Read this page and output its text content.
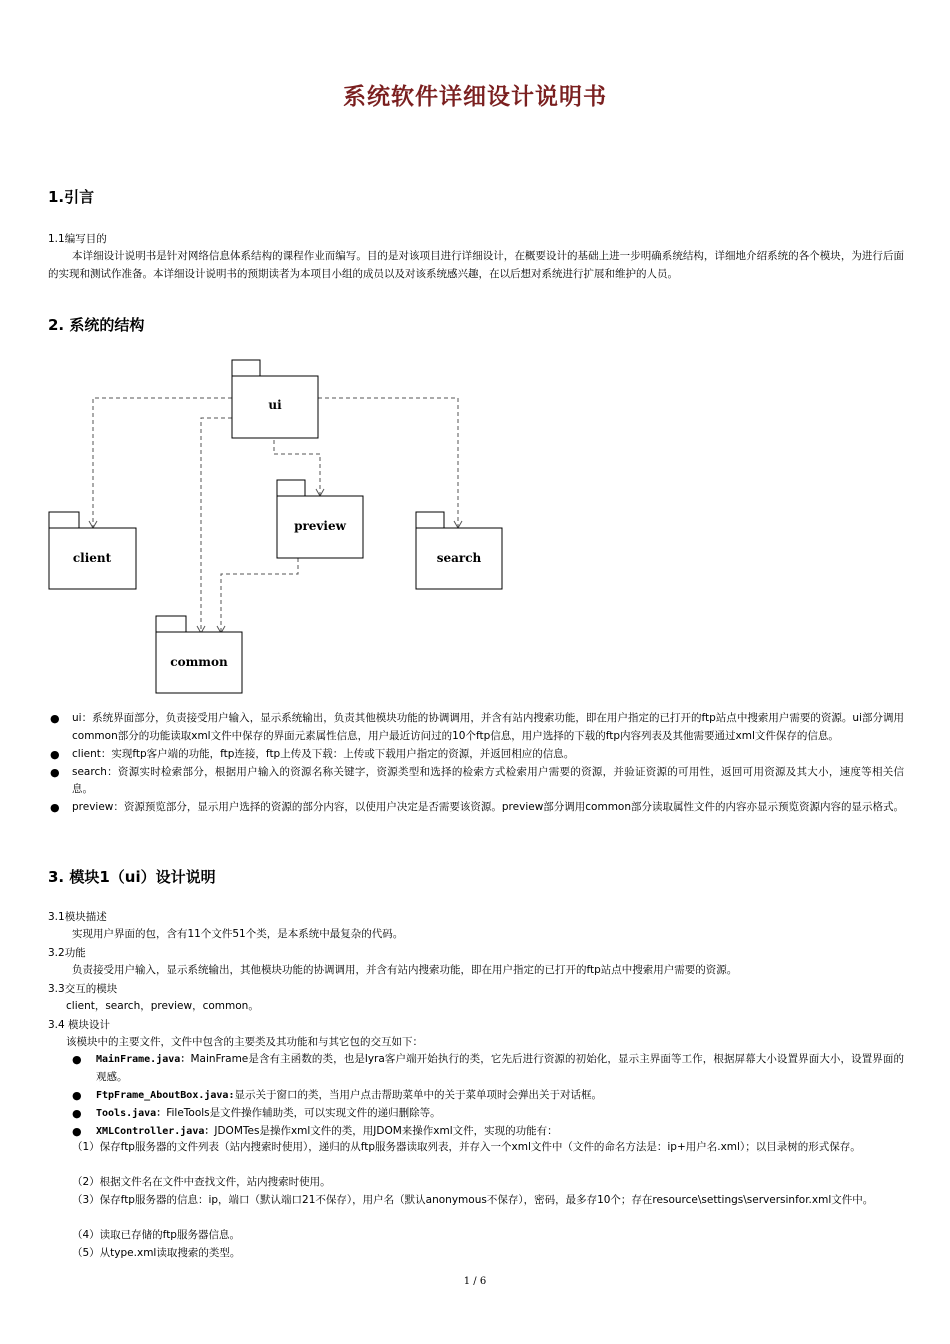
系统软件详细设计说明书
1.引言
1.1编写目的
本详细设计说明书是针对网络信息体系结构的课程作业而编写。目的是对该项目进行详细设计，在概要设计的基础上进一步明确系统结构，详细地介绍系统的各个模块，为进行后面的实现和测试作准备。本详细设计说明书的预期读者为本项目小组的成员以及对该系统感兴趣，在以后想对系统进行扩展和维护的人员。
2. 系统的结构
ui
preview
client	search
common
● ui：系统界面部分，负责接受用户输入，显示系统输出，负责其他模块功能的协调调用，并含有站内搜索功能，即在用户指定的已打开的ftp站点中搜索用户需要的资源。ui部分调用common部分的功能读取xml文件中保存的界面元素属性信息，用户最近访问过的10个ftp信息，用户选择的下载的ftp内容列表及其他需要通过xml文件保存的信息。
● client：实现ftp客户端的功能，ftp连接，ftp上传及下载：上传或下载用户指定的资源，并返回相应的信息。
● search：资源实时检索部分，根据用户输入的资源名称关键字，资源类型和选择的检索方式检索用户需要的资源，并验证资源的可用性，返回可用资源及其大小，速度等相关信息。
● preview：资源预览部分，显示用户选择的资源的部分内容，以使用户决定是否需要该资源。preview部分调用common部分读取属性文件的内容亦显示预览资源内容的显示格式。
3. 模块1（ui）设计说明
3.1模块描述
实现用户界面的包，含有11个文件51个类，是本系统中最复杂的代码。
3.2功能
负责接受用户输入，显示系统输出，其他模块功能的协调调用，并含有站内搜索功能，即在用户指定的已打开的ftp站点中搜索用户需要的资源。
3.3交互的模块
client，search，preview，common。
3.4 模块设计
该模块中的主要文件，文件中包含的主要类及其功能和与其它包的交互如下：
● MainFrame.java：MainFrame是含有主函数的类，也是lyra客户端开始执行的类，它先后进行资源的初始化，显示主界面等工作，根据屏幕大小设置界面大小，设置界面的观感。
● FtpFrame_AboutBox.java:显示关于窗口的类，当用户点击帮助菜单中的关于菜单项时会弹出关于对话框。
● Tools.java：FileTools是文件操作辅助类，可以实现文件的递归删除等。
● XMLController.java：JDOMTes是操作xml文件的类，用JDOM来操作xml文件，实现的功能有：
（1）保存ftp服务器的文件列表（站内搜索时使用），递归的从ftp服务器读取列表，并存入一个xml文件中（文件的命名方法是：ip+用户名.xml）；以目录树的形式保存。
（2）根据文件名在文件中查找文件，站内搜索时使用。
（3）保存ftp服务器的信息：ip，端口（默认端口21不保存），用户名（默认anonymous不保存），密码，最多存10个；存在resource\settings\serversinfor.xml文件中。
（4）读取已存储的ftp服务器信息。
（5）从type.xml读取搜索的类型。
1 / 6
